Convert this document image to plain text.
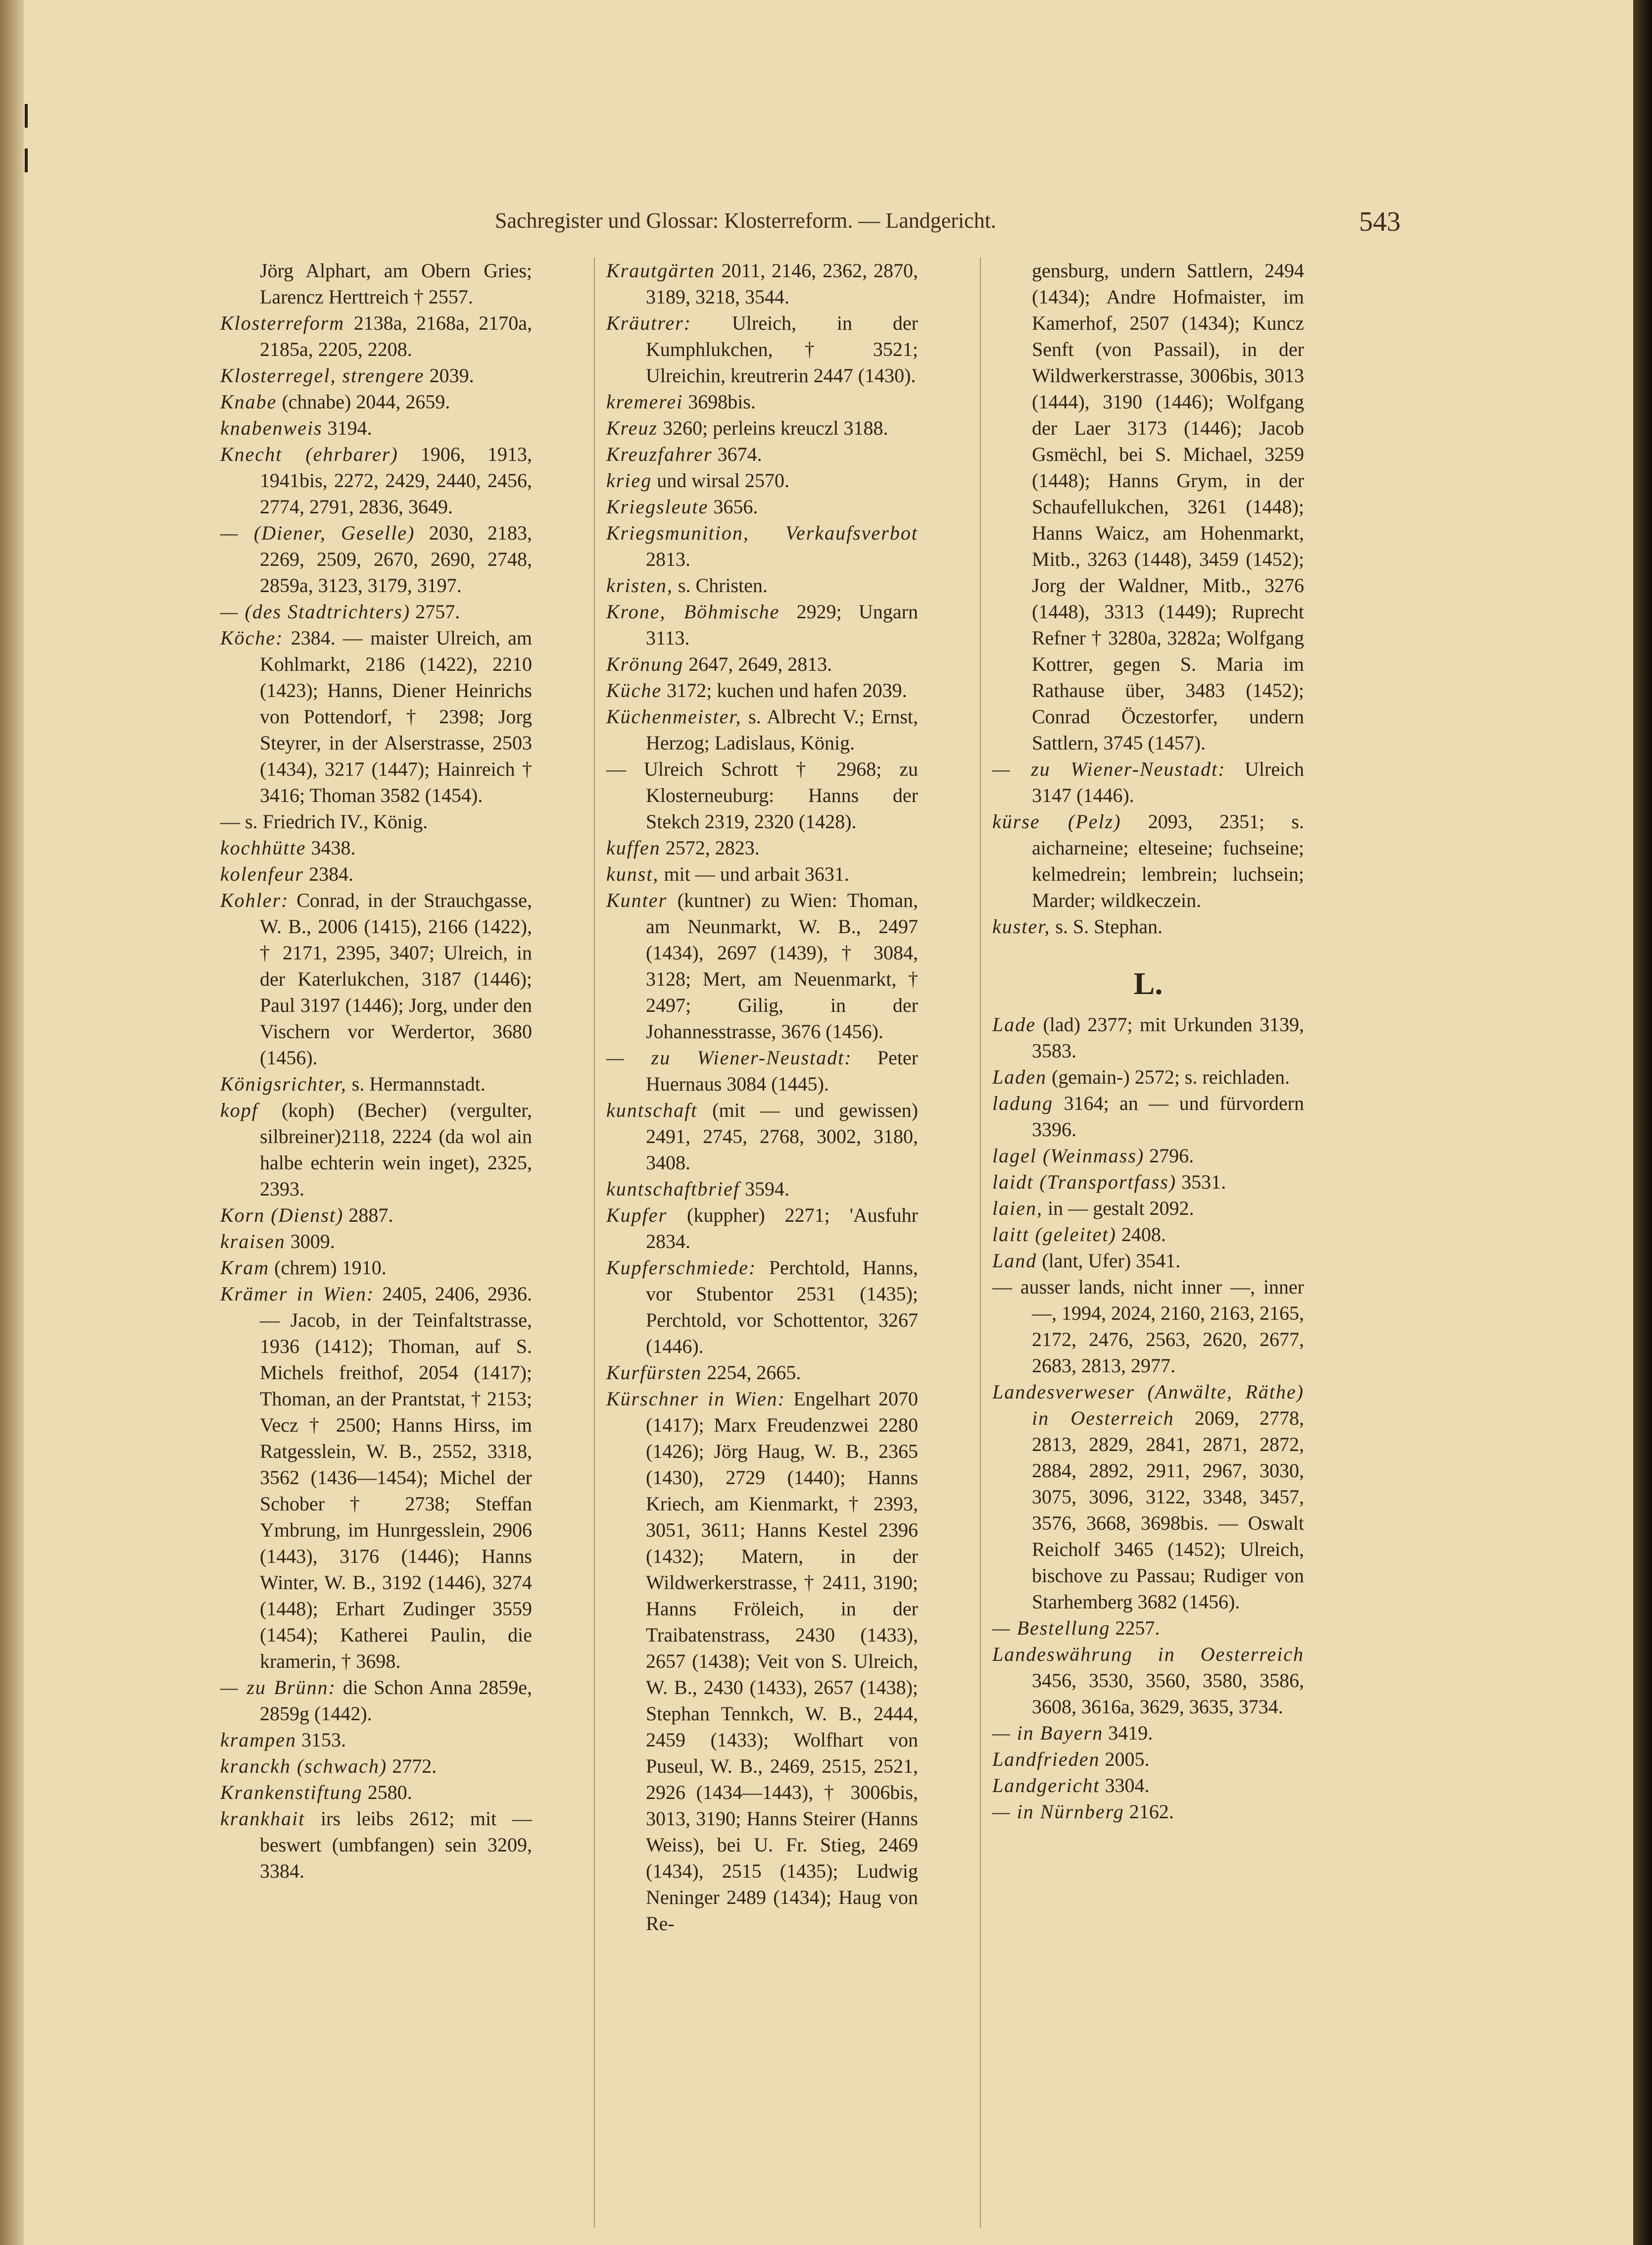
Sachregister und Glossar: Klosterreform. — Landgericht.	543

Jörg Alphart, am Obern Gries; Larencz Herttreich † 2557.

Klosterreform 2138a, 2168a, 2170a, 2185a, 2205, 2208.

Klosterregel, strengere 2039.

Knabe (chnabe) 2044, 2659.

knabenweis 3194.

Knecht (ehrbarer) 1906, 1913, 1941bis, 2272, 2429, 2440, 2456, 2774, 2791, 2836, 3649.

— (Diener, Geselle) 2030, 2183, 2269, 2509, 2670, 2690, 2748, 2859a, 3123, 3179, 3197.

— (des Stadtrichters) 2757.

Köche: 2384. — maister Ulreich, am Kohlmarkt, 2186 (1422), 2210 (1423); Hanns, Diener Heinrichs von Pottendorf, † 2398; Jorg Steyrer, in der Alserstrasse, 2503 (1434), 3217 (1447); Hainreich † 3416; Thoman 3582 (1454).

— s. Friedrich IV., König.

kochhütte 3438.

kolenfeur 2384.

Kohler: Conrad, in der Strauchgasse, W. B., 2006 (1415), 2166 (1422), † 2171, 2395, 3407; Ulreich, in der Katerlukchen, 3187 (1446); Paul 3197 (1446); Jorg, under den Vischern vor Werdertor, 3680 (1456).

Königsrichter, s. Hermannstadt.

kopf (koph) (Becher) (vergulter, silbreiner)2118, 2224 (da wol ain halbe echterin wein inget), 2325, 2393.

Korn (Dienst) 2887.

kraisen 3009.

Kram (chrem) 1910.

Krämer in Wien: 2405, 2406, 2936. — Jacob, in der Teinfaltstrasse, 1936 (1412); Thoman, auf S. Michels freithof, 2054 (1417); Thoman, an der Prantstat, † 2153; Vecz † 2500; Hanns Hirss, im Ratgesslein, W. B., 2552, 3318, 3562 (1436—1454); Michel der Schober † 2738; Steffan Ymbrung, im Hunrgesslein, 2906 (1443), 3176 (1446); Hanns Winter, W. B., 3192 (1446), 3274 (1448); Erhart Zudinger 3559 (1454); Katherei Paulin, die kramerin, † 3698.

— zu Brünn: die Schon Anna 2859e, 2859g (1442).

krampen 3153.

kranckh (schwach) 2772.

Krankenstiftung 2580.

krankhait irs leibs 2612; mit — beswert (umbfangen) sein 3209, 3384.

Krautgärten 2011, 2146, 2362, 2870, 3189, 3218, 3544.

Kräutrer: Ulreich, in der Kumphlukchen, † 3521; Ulreichin, kreutrerin 2447 (1430).

kremerei 3698bis.

Kreuz 3260; perleins kreuczl 3188.

Kreuzfahrer 3674.

krieg und wirsal 2570.

Kriegsleute 3656.

Kriegsmunition, Verkaufsverbot 2813.

kristen, s. Christen.

Krone, Böhmische 2929; Ungarn 3113.

Krönung 2647, 2649, 2813.

Küche 3172; kuchen und hafen 2039.

Küchenmeister, s. Albrecht V.; Ernst, Herzog; Ladislaus, König.

— Ulreich Schrott † 2968; zu Klosterneuburg: Hanns der Stekch 2319, 2320 (1428).

kuffen 2572, 2823.

kunst, mit — und arbait 3631.

Kunter (kuntner) zu Wien: Thoman, am Neunmarkt, W. B., 2497 (1434), 2697 (1439), † 3084, 3128; Mert, am Neuenmarkt, † 2497; Gilig, in der Johannesstrasse, 3676 (1456).

— zu Wiener-Neustadt: Peter Huernaus 3084 (1445).

kuntschaft (mit — und gewissen) 2491, 2745, 2768, 3002, 3180, 3408.

kuntschaftbrief 3594.

Kupfer (kuppher) 2271; 'Ausfuhr 2834.

Kupferschmiede: Perchtold, Hanns, vor Stubentor 2531 (1435); Perchtold, vor Schottentor, 3267 (1446).

Kurfürsten 2254, 2665.

Kürschner in Wien: Engelhart 2070 (1417); Marx Freudenzwei 2280 (1426); Jörg Haug, W. B., 2365 (1430), 2729 (1440); Hanns Kriech, am Kienmarkt, † 2393, 3051, 3611; Hanns Kestel 2396 (1432); Matern, in der Wildwerkerstrasse, † 2411, 3190; Hanns Fröleich, in der Traibatenstrass, 2430 (1433), 2657 (1438); Veit von S. Ulreich, W. B., 2430 (1433), 2657 (1438); Stephan Tennkch, W. B., 2444, 2459 (1433); Wolfhart von Puseul, W. B., 2469, 2515, 2521, 2926 (1434—1443), † 3006bis, 3013, 3190; Hanns Steirer (Hanns Weiss), bei U. Fr. Stieg, 2469 (1434), 2515 (1435); Ludwig Neninger 2489 (1434); Haug von Re-

gensburg, undern Sattlern, 2494 (1434); Andre Hofmaister, im Kamerhof, 2507 (1434); Kuncz Senft (von Passail), in der Wildwerkerstrasse, 3006bis, 3013 (1444), 3190 (1446); Wolfgang der Laer 3173 (1446); Jacob Gsmëchl, bei S. Michael, 3259 (1448); Hanns Grym, in der Schaufellukchen, 3261 (1448); Hanns Waicz, am Hohenmarkt, Mitb., 3263 (1448), 3459 (1452); Jorg der Waldner, Mitb., 3276 (1448), 3313 (1449); Ruprecht Refner † 3280a, 3282a; Wolfgang Kottrer, gegen S. Maria im Rathause über, 3483 (1452); Conrad Öczestorfer, undern Sattlern, 3745 (1457).

— zu Wiener-Neustadt: Ulreich 3147 (1446).

kürse (Pelz) 2093, 2351; s. aicharneine; elteseine; fuchseine; kelmedrein; lembrein; luchsein; Marder; wildkeczein.

kuster, s. S. Stephan.

L.

Lade (lad) 2377; mit Urkunden 3139, 3583.

Laden (gemain-) 2572; s. reichladen.

ladung 3164; an — und fürvordern 3396.

lagel (Weinmass) 2796.

laidt (Transportfass) 3531.

laien, in — gestalt 2092.

laitt (geleitet) 2408.

Land (lant, Ufer) 3541.

— ausser lands, nicht inner —, inner —, 1994, 2024, 2160, 2163, 2165, 2172, 2476, 2563, 2620, 2677, 2683, 2813, 2977.

Landesverweser (Anwälte, Räthe) in Oesterreich 2069, 2778, 2813, 2829, 2841, 2871, 2872, 2884, 2892, 2911, 2967, 3030, 3075, 3096, 3122, 3348, 3457, 3576, 3668, 3698bis. — Oswalt Reicholf 3465 (1452); Ulreich, bischove zu Passau; Rudiger von Starhemberg 3682 (1456).

— Bestellung 2257.

Landeswährung in Oesterreich 3456, 3530, 3560, 3580, 3586, 3608, 3616a, 3629, 3635, 3734.

— in Bayern 3419.

Landfrieden 2005.

Landgericht 3304.

— in Nürnberg 2162.
